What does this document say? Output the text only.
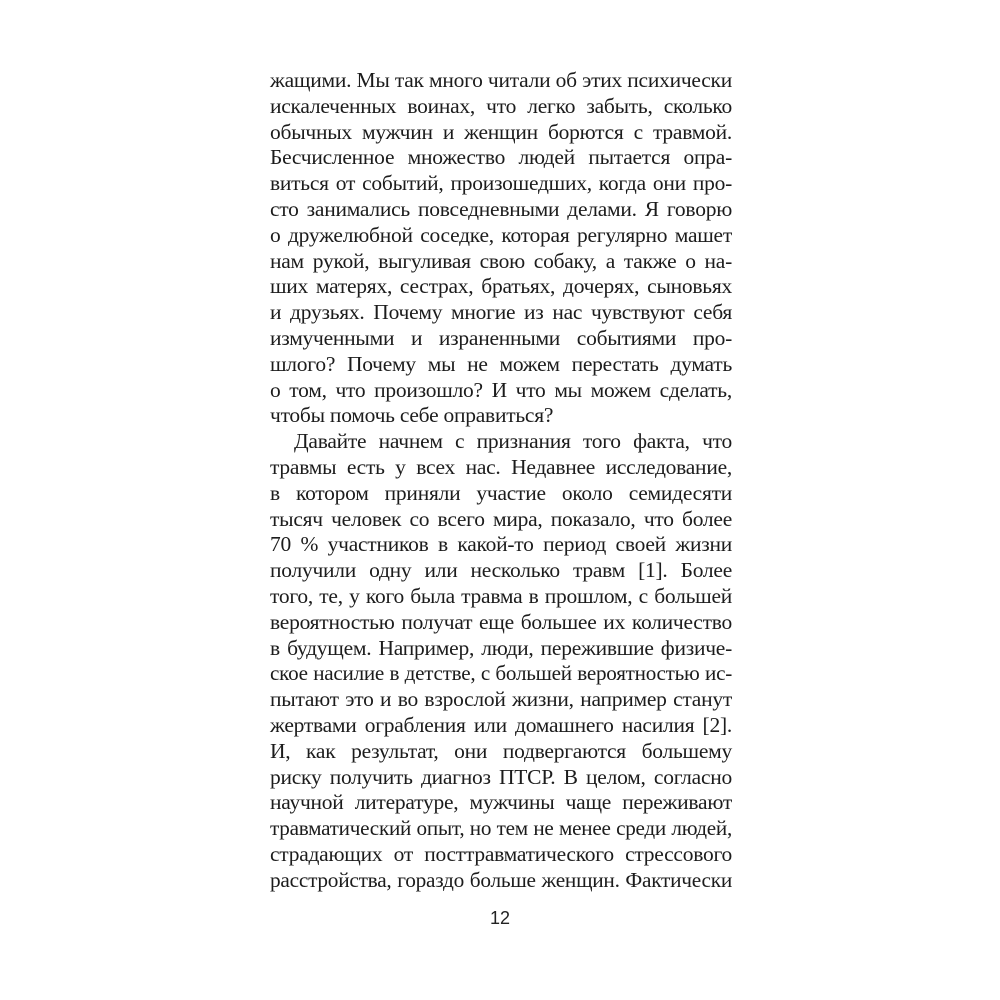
жащими. Мы так много читали об этих психически
искалеченных воинах, что легко забыть, сколько
обычных мужчин и женщин борются с травмой.
Бесчисленное множество людей пытается опра-
виться от событий, произошедших, когда они про-
сто занимались повседневными делами. Я говорю
о дружелюбной соседке, которая регулярно машет
нам рукой, выгуливая свою собаку, а также о на-
ших матерях, сестрах, братьях, дочерях, сыновьях
и друзьях. Почему многие из нас чувствуют себя
измученными и израненными событиями про-
шлого? Почему мы не можем перестать думать
о том, что произошло? И что мы можем сделать,
чтобы помочь себе оправиться?
Давайте начнем с признания того факта, что
травмы есть у всех нас. Недавнее исследование,
в котором приняли участие около семидесяти
тысяч человек со всего мира, показало, что более
70 % участников в какой-то период своей жизни
получили одну или несколько травм [1]. Более
того, те, у кого была травма в прошлом, с большей
вероятностью получат еще большее их количество
в будущем. Например, люди, пережившие физиче-
ское насилие в детстве, с большей вероятностью ис-
пытают это и во взрослой жизни, например станут
жертвами ограбления или домашнего насилия [2].
И, как результат, они подвергаются большему
риску получить диагноз ПТСР. В целом, согласно
научной литературе, мужчины чаще переживают
травматический опыт, но тем не менее среди людей,
страдающих от посттравматического стрессового
расстройства, гораздо больше женщин. Фактически
12
